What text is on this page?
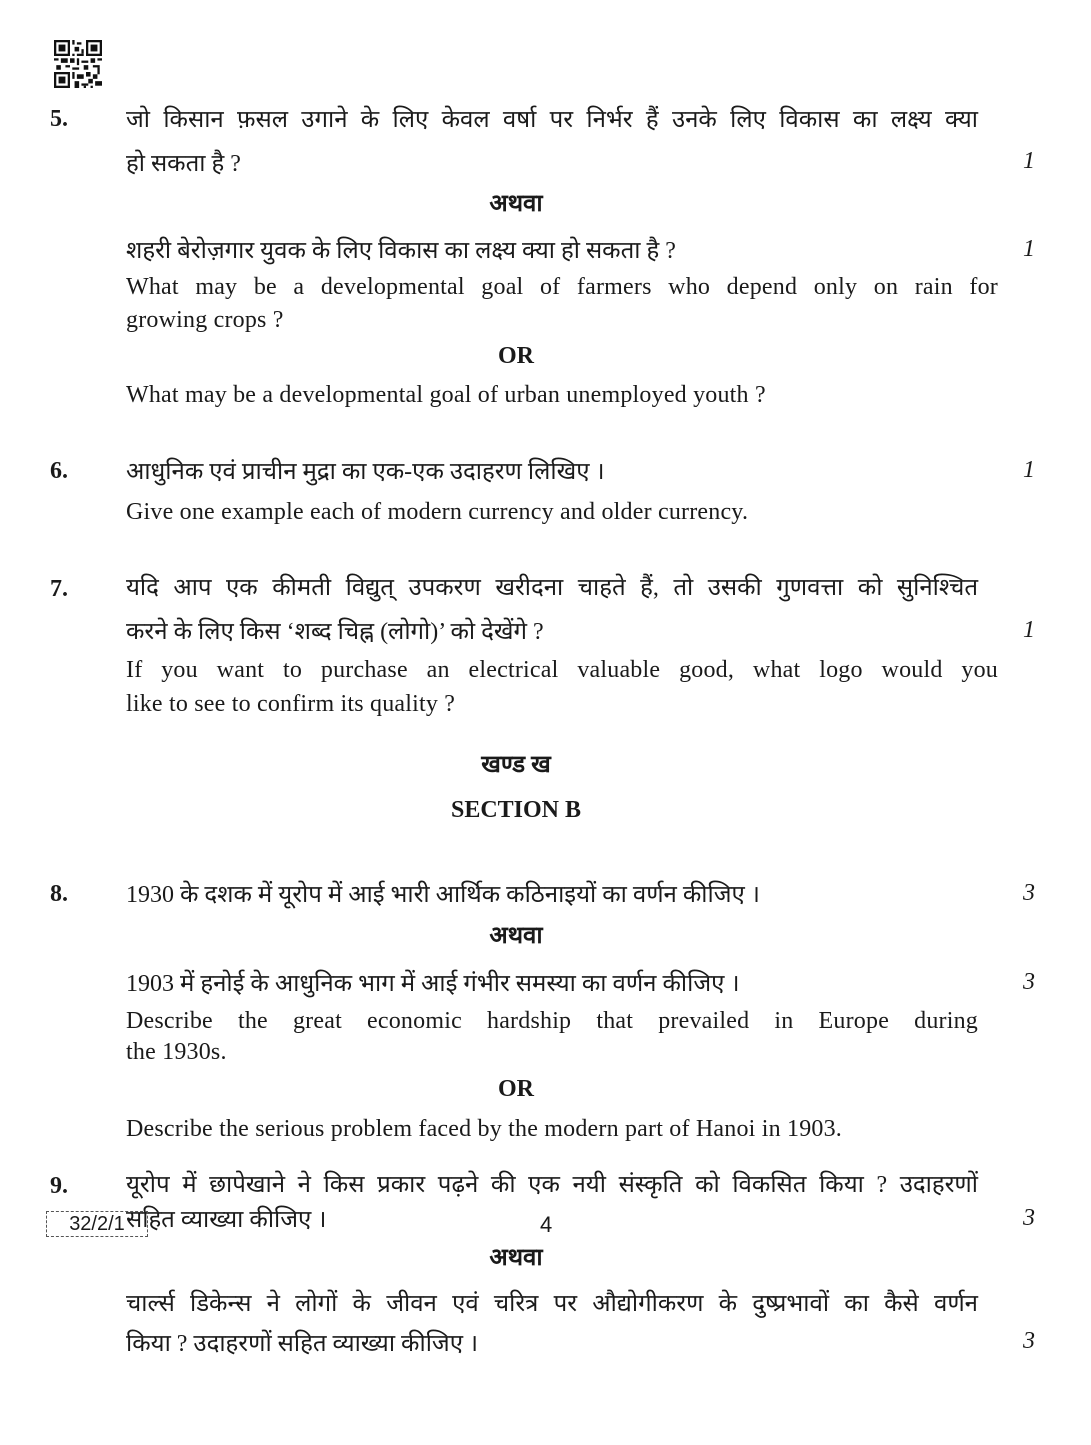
5. जो किसान फ़सल उगाने के लिए केवल वर्षा पर निर्भर हैं उनके लिए विकास का लक्ष्य क्या
हो सकता है ?	1
अथवा
शहरी बेरोज़गार युवक के लिए विकास का लक्ष्य क्या हो सकता है ?	1
What may be a developmental goal of farmers who depend only on rain for
growing crops ?
OR
What may be a developmental goal of urban unemployed youth ?
6. आधुनिक एवं प्राचीन मुद्रा का एक-एक उदाहरण लिखिए ।	1
Give one example each of modern currency and older currency.
7. यदि आप एक कीमती विद्युत् उपकरण खरीदना चाहते हैं, तो उसकी गुणवत्ता को सुनिश्चित
करने के लिए किस ‘शब्द चिह्न (लोगो)’ को देखेंगे ?	1
If you want to purchase an electrical valuable good, what logo would you
like to see to confirm its quality ?
खण्ड ख
SECTION B
8. 1930 के दशक में यूरोप में आई भारी आर्थिक कठिनाइयों का वर्णन कीजिए ।	3
अथवा
1903 में हनोई के आधुनिक भाग में आई गंभीर समस्या का वर्णन कीजिए ।	3
Describe the great economic hardship that prevailed in Europe during
the 1930s.
OR
Describe the serious problem faced by the modern part of Hanoi in 1903.
9. यूरोप में छापेखाने ने किस प्रकार पढ़ने की एक नयी संस्कृति को विकसित किया ? उदाहरणों
सहित व्याख्या कीजिए ।	3
अथवा
चार्ल्स डिकेन्स ने लोगों के जीवन एवं चरित्र पर औद्योगीकरण के दुष्प्रभावों का कैसे वर्णन
किया ? उदाहरणों सहित व्याख्या कीजिए ।	3
32/2/1	4
